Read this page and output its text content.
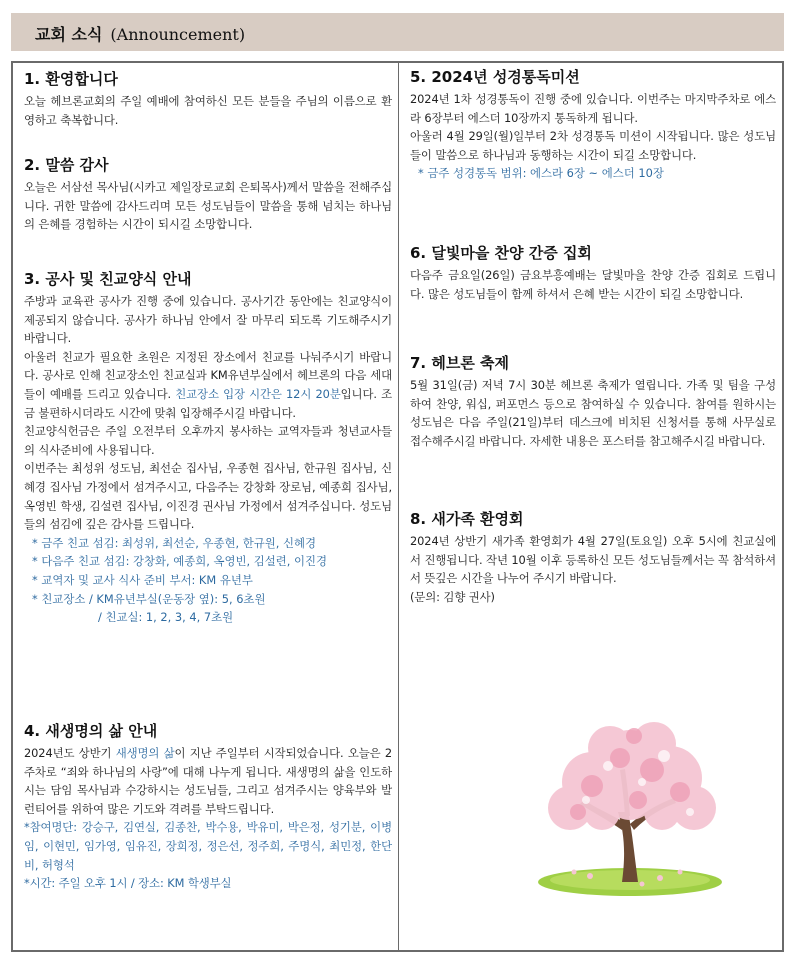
교회 소식 (Announcement)
1. 환영합니다
오늘 헤브론교회의 주일 예배에 참여하신 모든 분들을 주님의 이름으로 환영하고 축복합니다.
2. 말씀 감사
오늘은 서삼선 목사님(시카고 제일장로교회 은퇴목사)께서 말씀을 전해주십니다. 귀한 말씀에 감사드리며 모든 성도님들이 말씀을 통해 넘치는 하나님의 은혜를 경험하는 시간이 되시길 소망합니다.
3. 공사 및 친교양식 안내
주방과 교육관 공사가 진행 중에 있습니다. 공사기간 동안에는 친교양식이 제공되지 않습니다. 공사가 하나님 안에서 잘 마무리 되도록 기도해주시기 바랍니다.
아울러 친교가 필요한 초원은 지정된 장소에서 친교를 나눠주시기 바랍니다. 공사로 인해 친교장소인 친교실과 KM유년부실에서 헤브론의 다음 세대들이 예배를 드리고 있습니다. 친교장소 입장 시간은 12시 20분입니다. 조금 불편하시더라도 시간에 맞춰 입장해주시길 바랍니다.
친교양식헌금은 주일 오전부터 오후까지 봉사하는 교역자들과 청년교사들의 식사준비에 사용됩니다.
이번주는 최성위 성도님, 최선순 집사님, 우종현 집사님, 한규원 집사님, 신혜경 집사님 가정에서 섬겨주시고, 다음주는 강창화 장로님, 예종희 집사님, 옥영빈 학생, 김설련 집사님, 이진경 권사님 가정에서 섬겨주십니다. 성도님들의 섬김에 깊은 감사를 드립니다.
* 금주 친교 섬김: 최성위, 최선순, 우종현, 한규원, 신혜경
* 다음주 친교 섬김: 강창화, 예종희, 옥영빈, 김설련, 이진경
* 교역자 및 교사 식사 준비 부서: KM 유년부
* 친교장소 / KM유년부실(운동장 옆): 5, 6초원
/ 친교실: 1, 2, 3, 4, 7초원
4. 새생명의 삶 안내
2024년도 상반기 새생명의 삶이 지난 주일부터 시작되었습니다. 오늘은 2주차로 “죄와 하나님의 사랑”에 대해 나누게 됩니다. 새생명의 삶을 인도하시는 담임 목사님과 수강하시는 성도님들, 그리고 섬겨주시는 양육부와 발런티어를 위하여 많은 기도와 격려를 부탁드립니다.
*참여명단: 강승구, 김연실, 김종찬, 박수용, 박유미, 박은정, 성기분, 이병임, 이현민, 임가영, 임유진, 장희정, 정은선, 정주희, 주명식, 최민정, 한단비, 허형석
*시간: 주일 오후 1시 / 장소: KM 학생부실
5. 2024년 성경통독미션
2024년 1차 성경통독이 진행 중에 있습니다. 이번주는 마지막주차로 에스라 6장부터 에스더 10장까지 통독하게 됩니다.
아울러 4월 29일(월)일부터 2차 성경통독 미션이 시작됩니다. 많은 성도님들이 말씀으로 하나님과 동행하는 시간이 되길 소망합니다.
* 금주 성경통독 범위: 에스라 6장 ~ 에스더 10장
6. 달빛마을 찬양 간증 집회
다음주 금요일(26일) 금요부흥예배는 달빛마을 찬양 간증 집회로 드립니다. 많은 성도님들이 함께 하셔서 은혜 받는 시간이 되길 소망합니다.
7. 헤브론 축제
5월 31일(금) 저녁 7시 30분 헤브론 축제가 열립니다. 가족 및 팀을 구성하여 찬양, 워십, 퍼포먼스 등으로 참여하실 수 있습니다. 참여를 원하시는 성도님은 다음 주일(21일)부터 데스크에 비치된 신청서를 통해 사무실로 접수해주시길 바랍니다. 자세한 내용은 포스터를 참고해주시길 바랍니다.
8. 새가족 환영회
2024년 상반기 새가족 환영회가 4월 27일(토요일) 오후 5시에 친교실에서 진행됩니다. 작년 10월 이후 등록하신 모든 성도님들께서는 꼭 참석하셔서 뜻깊은 시간을 나누어 주시기 바랍니다.
(문의: 김향 권사)
